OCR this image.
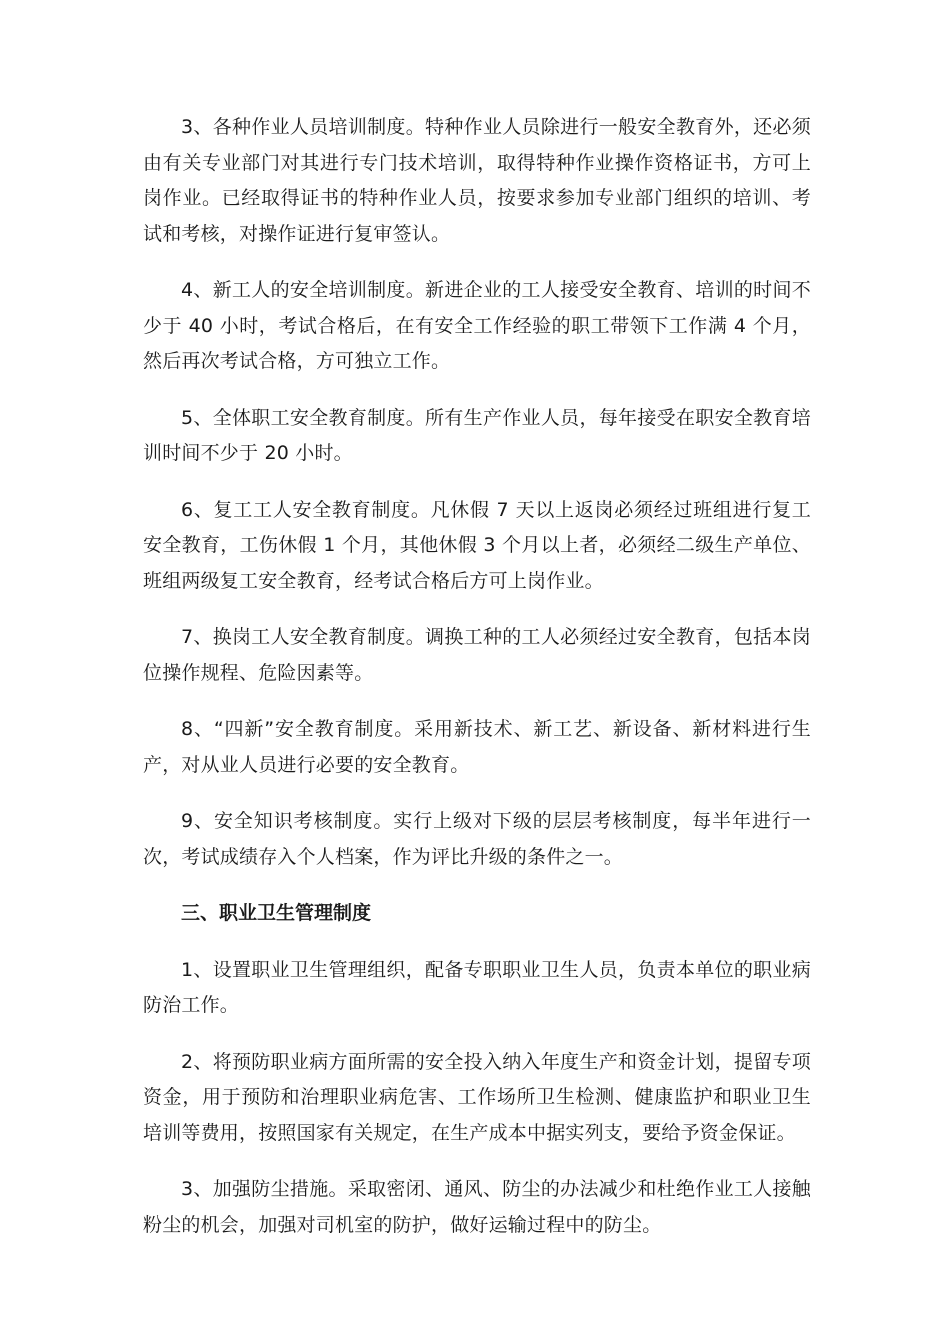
3、各种作业人员培训制度。特种作业人员除进行一般安全教育外，还必须由有关专业部门对其进行专门技术培训，取得特种作业操作资格证书，方可上岗作业。已经取得证书的特种作业人员，按要求参加专业部门组织的培训、考试和考核，对操作证进行复审签认。

4、新工人的安全培训制度。新进企业的工人接受安全教育、培训的时间不少于 40 小时，考试合格后，在有安全工作经验的职工带领下工作满 4 个月，然后再次考试合格，方可独立工作。

5、全体职工安全教育制度。所有生产作业人员，每年接受在职安全教育培训时间不少于 20 小时。

6、复工工人安全教育制度。凡休假 7 天以上返岗必须经过班组进行复工安全教育，工伤休假 1 个月，其他休假 3 个月以上者，必须经二级生产单位、班组两级复工安全教育，经考试合格后方可上岗作业。

7、换岗工人安全教育制度。调换工种的工人必须经过安全教育，包括本岗位操作规程、危险因素等。

8、“四新”安全教育制度。采用新技术、新工艺、新设备、新材料进行生产，对从业人员进行必要的安全教育。

9、安全知识考核制度。实行上级对下级的层层考核制度，每半年进行一次，考试成绩存入个人档案，作为评比升级的条件之一。

三、职业卫生管理制度

1、设置职业卫生管理组织，配备专职职业卫生人员，负责本单位的职业病防治工作。

2、将预防职业病方面所需的安全投入纳入年度生产和资金计划，提留专项资金，用于预防和治理职业病危害、工作场所卫生检测、健康监护和职业卫生培训等费用，按照国家有关规定，在生产成本中据实列支，要给予资金保证。

3、加强防尘措施。采取密闭、通风、防尘的办法减少和杜绝作业工人接触粉尘的机会，加强对司机室的防护，做好运输过程中的防尘。
